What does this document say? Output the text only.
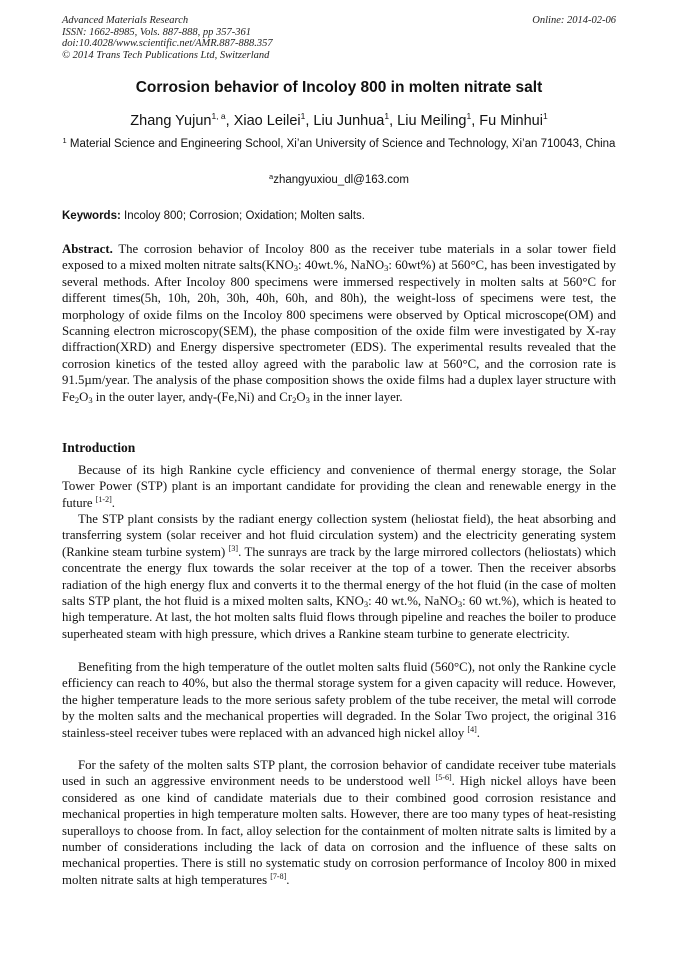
Advanced Materials Research
ISSN: 1662-8985, Vols. 887-888, pp 357-361
doi:10.4028/www.scientific.net/AMR.887-888.357
© 2014 Trans Tech Publications Ltd, Switzerland
Online: 2014-02-06
Corrosion behavior of Incoloy 800 in molten nitrate salt
Zhang Yujun$^{1, a}$, Xiao Leilei$^1$, Liu Junhua$^1$, Liu Meiling$^1$, Fu Minhui$^1$
$^1$ Material Science and Engineering School, Xi’an University of Science and Technology, Xi’an 710043, China
$^a$zhangyuxiou_dl@163.com
Keywords: Incoloy 800; Corrosion; Oxidation; Molten salts.
Abstract. The corrosion behavior of Incoloy 800 as the receiver tube materials in a solar tower field exposed to a mixed molten nitrate $salts(KNO_3$: 40wt.%, NaNO$_3$: 60wt%) at 560°C, has been investigated by several methods. After Incoloy 800 specimens were immersed respectively in molten salts at 560°C for different times(5h, 10h, 20h, 30h, 40h, 60h, and 80h), the weight-loss of specimens were test, the morphology of oxide films on the Incoloy 800 specimens were observed by Optical microscope(OM) and Scanning electron microscopy(SEM), the phase composition of the oxide film were investigated by X-ray diffraction(XRD) and Energy dispersive spectrometer (EDS). The experimental results revealed that the corrosion kinetics of the tested alloy agreed with the parabolic law at 560°C, and the corrosion rate is 91.5µm/year. The analysis of the phase composition shows the oxide films had a duplex layer structure with $Fe_2O_3$ in the outer layer, andγ-(Fe,Ni) and $Cr_2O_3$ in the inner layer.
Introduction
Because of its high Rankine cycle efficiency and convenience of thermal energy storage, the Solar Tower Power (STP) plant is an important candidate for providing the clean and renewable energy in the future [1-2].
The STP plant consists by the radiant energy collection system (heliostat field), the heat absorbing and transferring system (solar receiver and hot fluid circulation system) and the electricity generating system (Rankine steam turbine system) [3]. The sunrays are track by the large mirrored collectors (heliostats) which concentrate the energy flux towards the solar receiver at the top of a tower. Then the receiver absorbs radiation of the high energy flux and converts it to the thermal energy of the hot fluid (in the case of molten salts STP plant, the hot fluid is a mixed molten salts, $KNO_3$: 40 wt.%, NaNO$_3$: 60 wt.%), which is heated to high temperature. At last, the hot molten salts fluid flows through pipeline and reaches the boiler to produce superheated steam with high pressure, which drives a Rankine steam turbine to generate electricity.
Benefiting from the high temperature of the outlet molten salts fluid (560°C), not only the Rankine cycle efficiency can reach to 40%, but also the thermal storage system for a given capacity will reduce. However, the higher temperature leads to the more serious safety problem of the tube receiver, the metal will corrode by the molten salts and the mechanical properties will degraded. In the Solar Two project, the original 316 stainless-steel receiver tubes were replaced with an advanced high nickel alloy [4].
For the safety of the molten salts STP plant, the corrosion behavior of candidate receiver tube materials used in such an aggressive environment needs to be understood well [5-6]. High nickel alloys have been considered as one kind of candidate materials due to their combined good corrosion resistance and mechanical properties in high temperature molten salts. However, there are too many types of heat-resisting superalloys to choose from. In fact, alloy selection for the containment of molten nitrate salts is limited by a number of considerations including the lack of data on corrosion and the influence of these salts on mechanical properties. There is still no systematic study on corrosion performance of Incoloy 800 in mixed molten nitrate salts at high temperatures [7-8].
